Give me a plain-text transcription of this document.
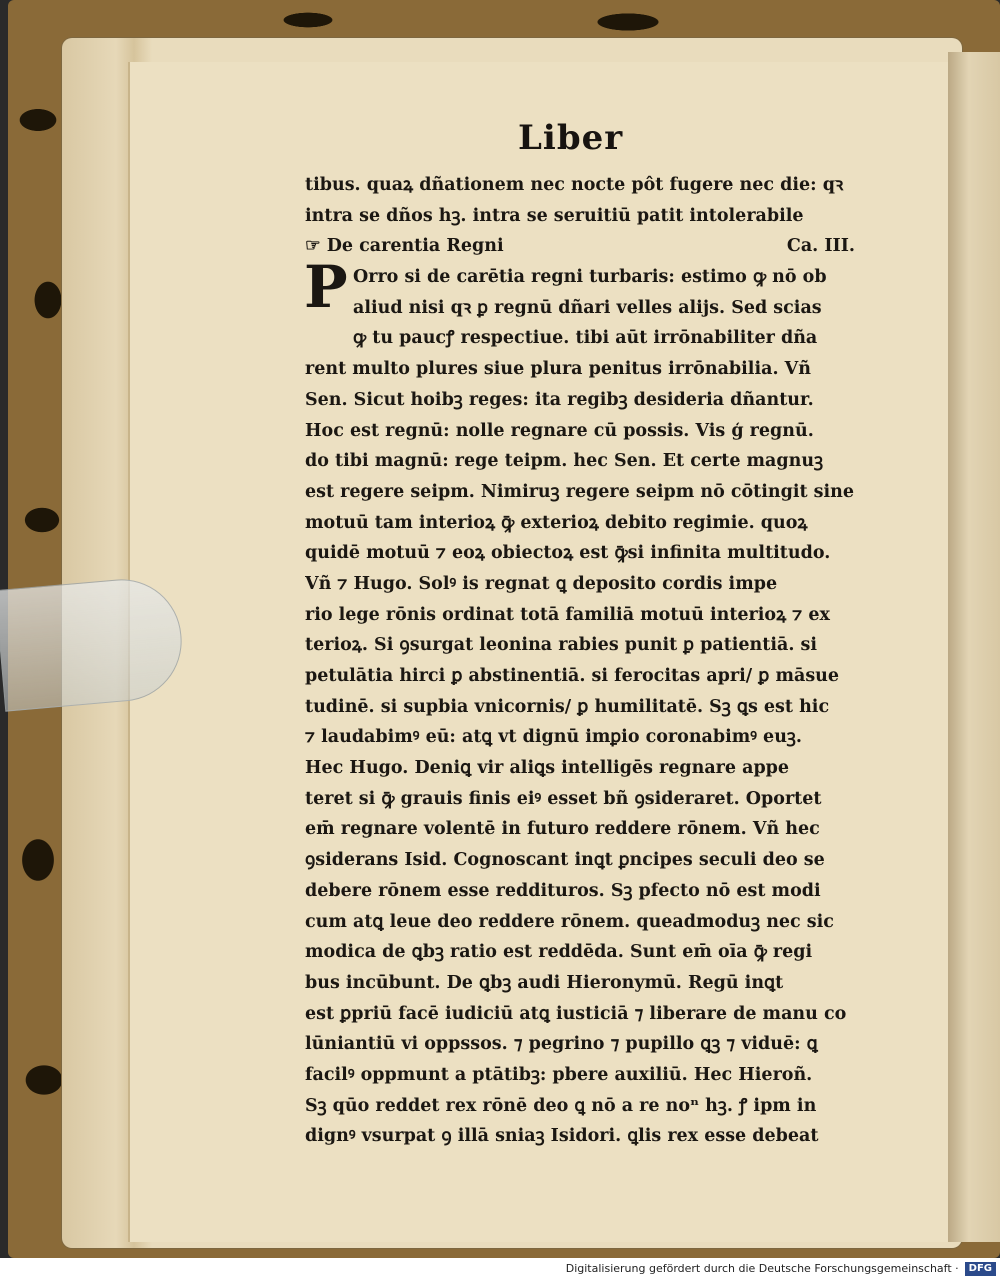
Liber
tibus. quaꝝ dñationem nec nocte pôt fugere nec die: qꝛ
intra se dños hꝫ. intra se seruitiū patit intolerabile
☞ De carentia Regni	Ca. III.
Orro si de carētia regni turbaris: estimo ꝙ nō ob
aliud nisi qꝛ ꝑ regnū dñari velles alijs. Sed scias
ꝙ tu paucꝭ respectiue. tibi aūt irrōnabiliter dña
rent multo plures siue plura penitus irrōnabilia. Vñ
Sen. Sicut hoibꝫ reges: ita regibꝫ desideria dñantur.
Hoc est regnū: nolle regnare cū possis. Vis ģ regnū.
do tibi magnū: rege teipm. hec Sen. Et certe magnuꝫ
est regere seipm. Nimiruꝫ regere seipm nō cōtingit sine
motuū tam interioꝝ ꝙ̄ exterioꝝ debito regimie. quoꝝ
quidē motuū ⁊ eoꝝ obiectoꝝ est ꝙ̄si infinita multitudo.
Vñ ⁊ Hugo. Solꝰ is regnat ꝗ deposito cordis impe
rio lege rōnis ordinat totā familiā motuū interioꝝ ⁊ ex
terioꝝ. Si ꝯsurgat leonina rabies punit ꝑ patientiā. si
petulātia hirci ꝑ abstinentiā. si ferocitas apri/ ꝑ māsue
tudinē. si supbia vnicornis/ ꝑ humilitatē. Sꝫ ꝗs est hic
⁊ laudabimꝰ eū: atꝗ vt dignū imꝑio coronabimꝰ euꝫ.
Hec Hugo. Deniꝗ vir aliꝗs intelligēs regnare appe
teret si ꝙ̄ grauis finis eiꝰ esset bñ ꝯsideraret. Oportet
em̄ regnare volentē in futuro reddere rōnem. Vñ hec
ꝯsiderans Isid. Cognoscant inꝗt ꝑncipes seculi deo se
debere rōnem esse reddituros. Sꝫ pfecto nō est modi
cum atꝗ leue deo reddere rōnem. queadmoduꝫ nec sic
modica de ꝗbꝫ ratio est reddēda. Sunt em̄ oīa ꝙ̄ regi
bus incūbunt. De ꝗbꝫ audi Hieronymū. Regū inꝗt
est ꝑpriū facē iudiciū atꝗ iusticiā ⁊ liberare de manu co
lūniantiū vi oppssos. ⁊ pegrino ⁊ pupillo ꝗꝫ ⁊ viduē: ꝗ
facilꝰ oppmunt a ptātibꝫ: pbere auxiliū. Hec Hieroñ.
Sꝫ qūo reddet rex rōnē deo ꝗ nō a re noⁿ hꝫ. ꝭ ipm in
dignꝰ vsurpat ꝯ illā sniaꝫ Isidori. ꝗlis rex esse debeat
P
Digitalisierung gefördert durch die Deutsche Forschungsgemeinschaft · DFG
